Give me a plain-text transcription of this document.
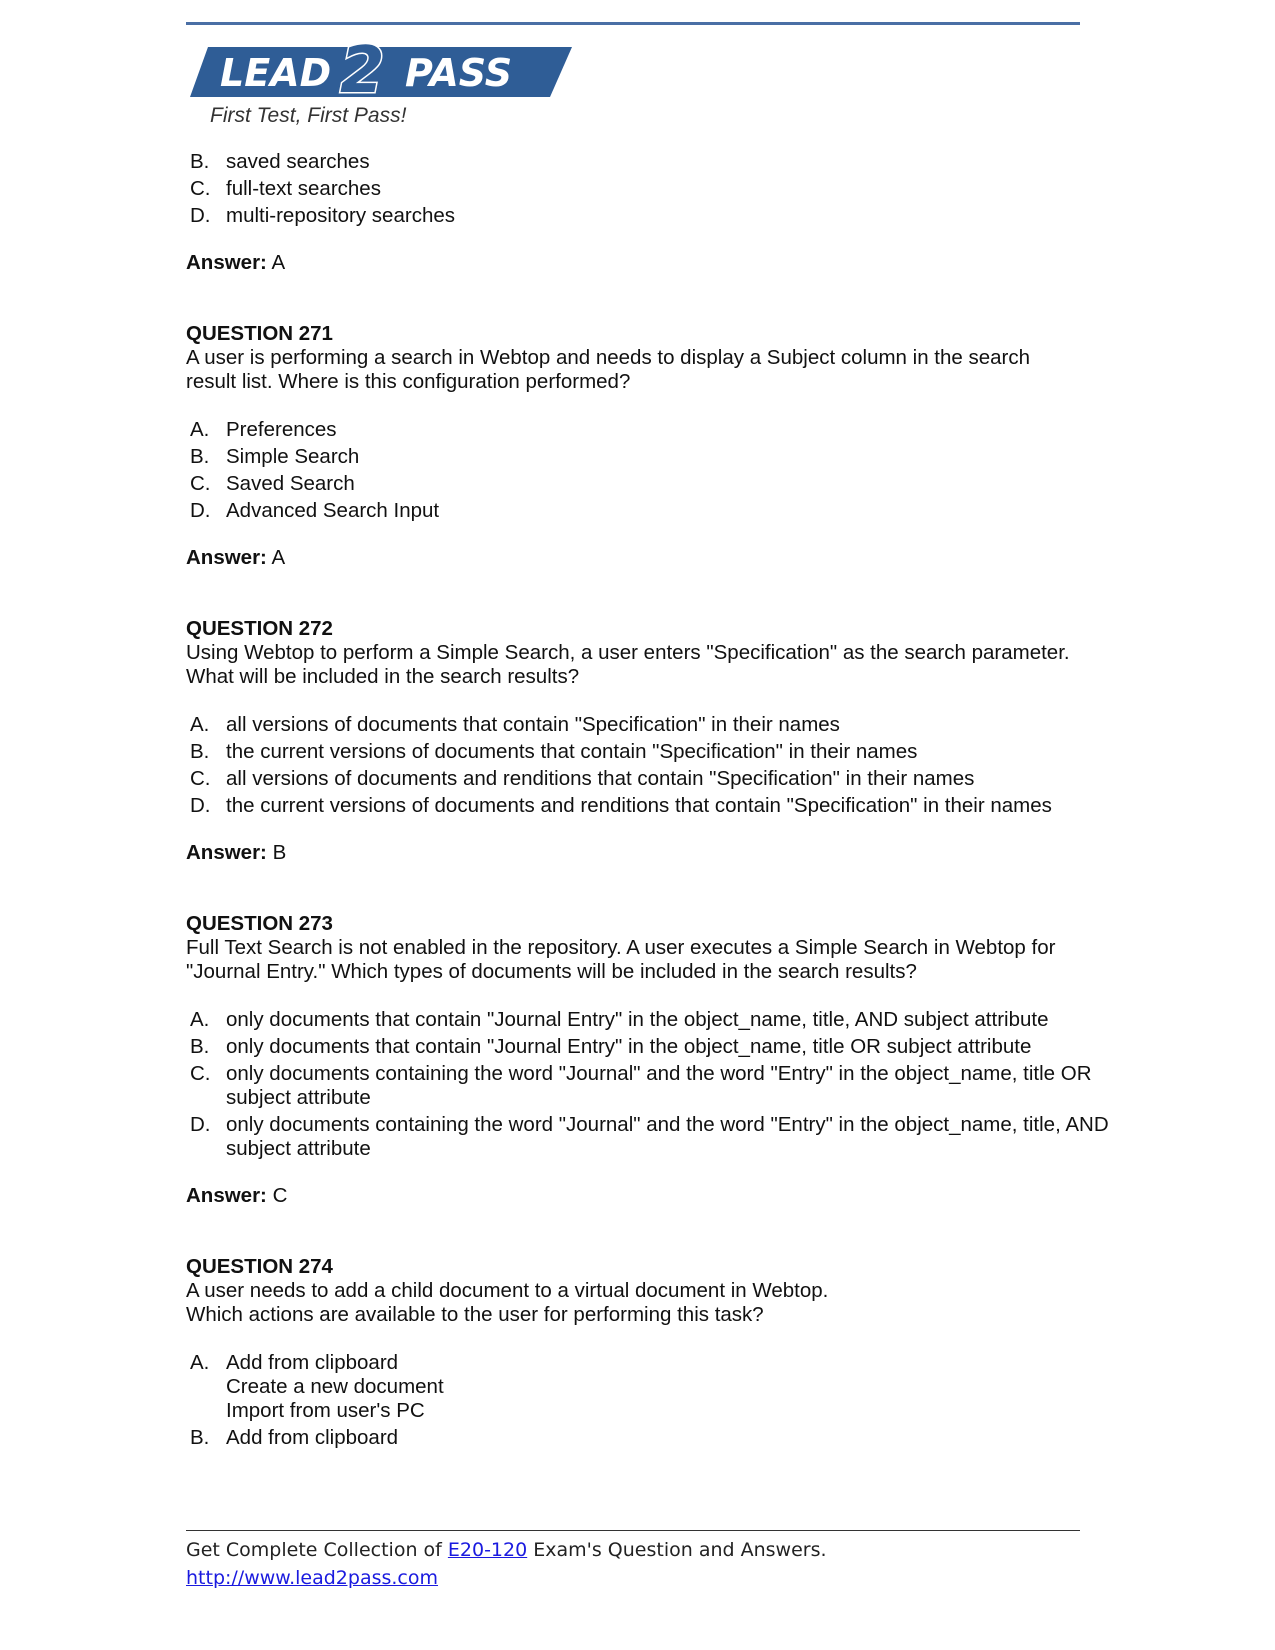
LEAD 2 PASS
First Test, First Pass!
B. saved searches
C. full-text searches
D. multi-repository searches
Answer: A
QUESTION 271
A user is performing a search in Webtop and needs to display a Subject column in the search
result list. Where is this configuration performed?
A. Preferences
B. Simple Search
C. Saved Search
D. Advanced Search Input
Answer: A
QUESTION 272
Using Webtop to perform a Simple Search, a user enters "Specification" as the search parameter.
What will be included in the search results?
A. all versions of documents that contain "Specification" in their names
B. the current versions of documents that contain "Specification" in their names
C. all versions of documents and renditions that contain "Specification" in their names
D. the current versions of documents and renditions that contain "Specification" in their names
Answer: B
QUESTION 273
Full Text Search is not enabled in the repository. A user executes a Simple Search in Webtop for
"Journal Entry." Which types of documents will be included in the search results?
A. only documents that contain "Journal Entry" in the object_name, title, AND subject attribute
B. only documents that contain "Journal Entry" in the object_name, title OR subject attribute
C. only documents containing the word "Journal" and the word "Entry" in the object_name, title OR
subject attribute
D. only documents containing the word "Journal" and the word "Entry" in the object_name, title, AND
subject attribute
Answer: C
QUESTION 274
A user needs to add a child document to a virtual document in Webtop.
Which actions are available to the user for performing this task?
A. Add from clipboard
Create a new document
Import from user's PC
B. Add from clipboard
Get Complete Collection of E20-120 Exam's Question and Answers.
http://www.lead2pass.com
